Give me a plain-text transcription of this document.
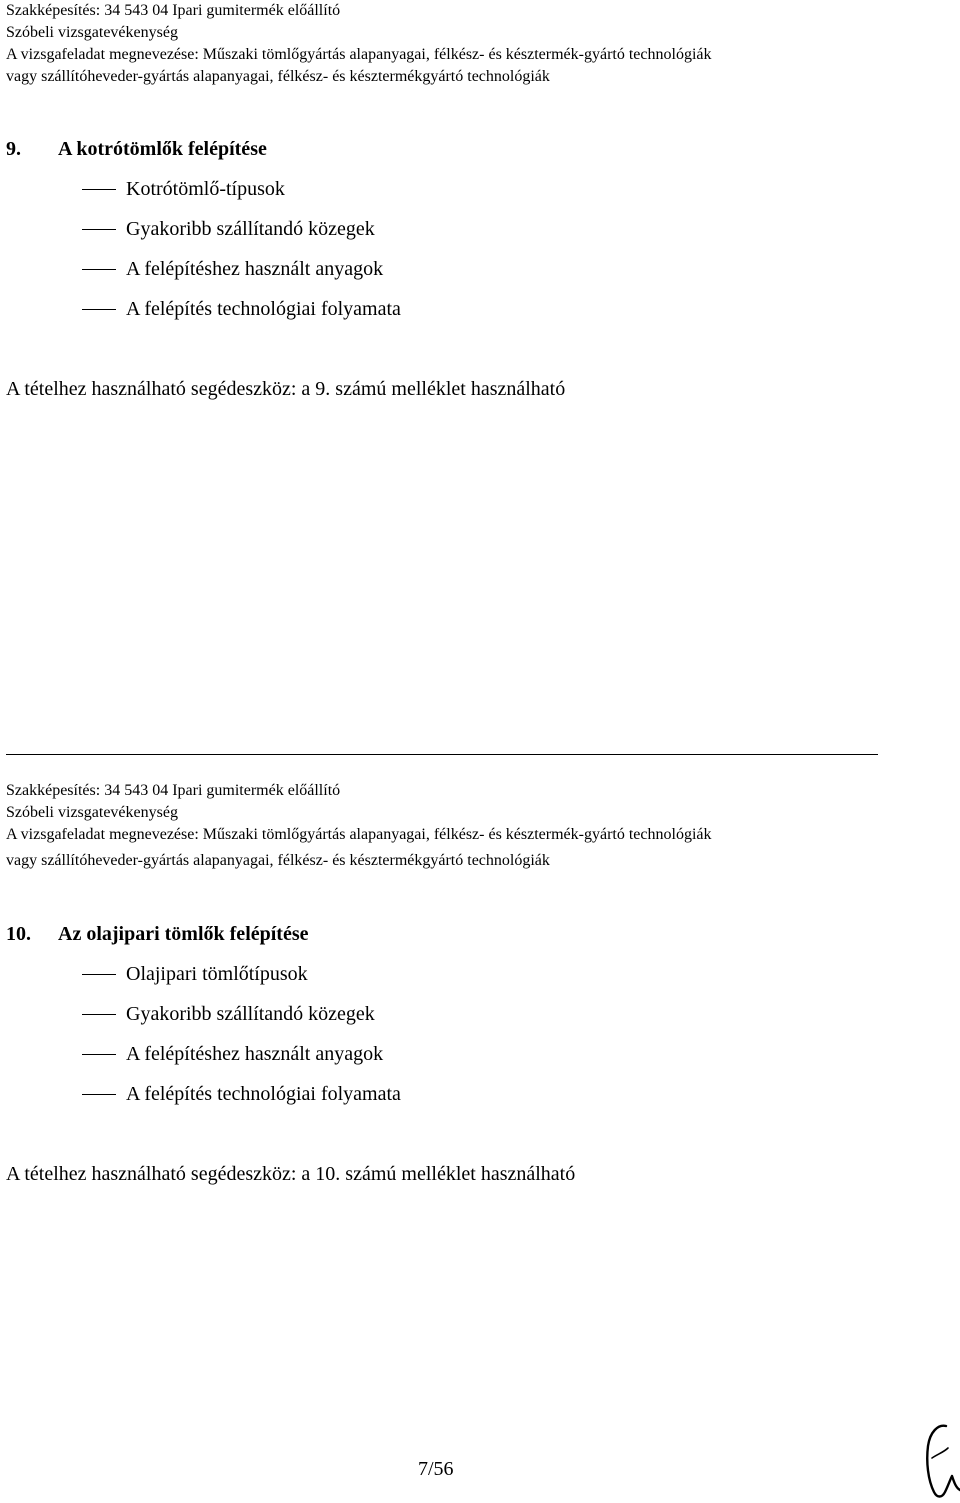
Szakképesítés: 34 543 04 Ipari gumitermék előállító
Szóbeli vizsgatevékenység
A vizsgafeladat megnevezése: Műszaki tömlőgyártás alapanyagai, félkész- és késztermék-gyártó technológiák
vagy szállítóheveder-gyártás alapanyagai, félkész- és késztermékgyártó technológiák
9. A kotrótömlők felépítése
Kotrótömlő-típusok
Gyakoribb szállítandó közegek
A felépítéshez használt anyagok
A felépítés technológiai folyamata
A tételhez használható segédeszköz: a 9. számú melléklet használható
Szakképesítés: 34 543 04 Ipari gumitermék előállító
Szóbeli vizsgatevékenység
A vizsgafeladat megnevezése: Műszaki tömlőgyártás alapanyagai, félkész- és késztermék-gyártó technológiák
vagy szállítóheveder-gyártás alapanyagai, félkész- és késztermékgyártó technológiák
10. Az olajipari tömlők felépítése
Olajipari tömlőtípusok
Gyakoribb szállítandó közegek
A felépítéshez használt anyagok
A felépítés technológiai folyamata
A tételhez használható segédeszköz: a 10. számú melléklet használható
7/56
